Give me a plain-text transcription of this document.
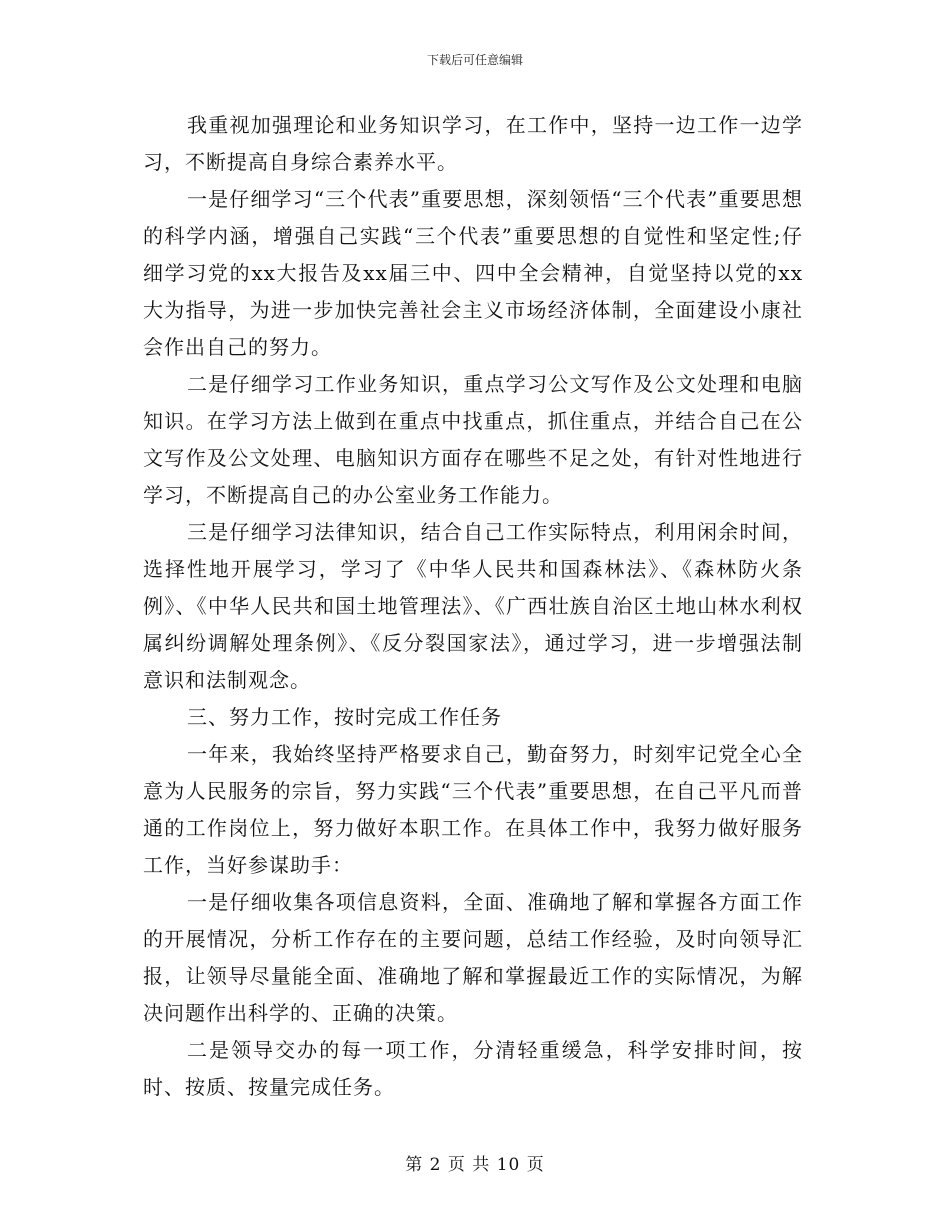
下载后可任意编辑

我重视加强理论和业务知识学习，在工作中，坚持一边工作一边学习，不断提高自身综合素养水平。

一是仔细学习“三个代表”重要思想，深刻领悟“三个代表”重要思想的科学内涵，增强自己实践“三个代表”重要思想的自觉性和坚定性;仔细学习党的xx大报告及xx届三中、四中全会精神，自觉坚持以党的xx大为指导，为进一步加快完善社会主义市场经济体制，全面建设小康社会作出自己的努力。

二是仔细学习工作业务知识，重点学习公文写作及公文处理和电脑知识。在学习方法上做到在重点中找重点，抓住重点，并结合自己在公文写作及公文处理、电脑知识方面存在哪些不足之处，有针对性地进行学习，不断提高自己的办公室业务工作能力。

三是仔细学习法律知识，结合自己工作实际特点，利用闲余时间，选择性地开展学习，学习了《中华人民共和国森林法》、《森林防火条例》、《中华人民共和国土地管理法》、《广西壮族自治区土地山林水利权属纠纷调解处理条例》、《反分裂国家法》，通过学习，进一步增强法制意识和法制观念。

三、努力工作，按时完成工作任务

一年来，我始终坚持严格要求自己，勤奋努力，时刻牢记党全心全意为人民服务的宗旨，努力实践“三个代表”重要思想，在自己平凡而普通的工作岗位上，努力做好本职工作。在具体工作中，我努力做好服务工作，当好参谋助手：

一是仔细收集各项信息资料，全面、准确地了解和掌握各方面工作的开展情况，分析工作存在的主要问题，总结工作经验，及时向领导汇报，让领导尽量能全面、准确地了解和掌握最近工作的实际情况，为解决问题作出科学的、正确的决策。

二是领导交办的每一项工作，分清轻重缓急，科学安排时间，按时、按质、按量完成任务。

第 2 页 共 10 页
